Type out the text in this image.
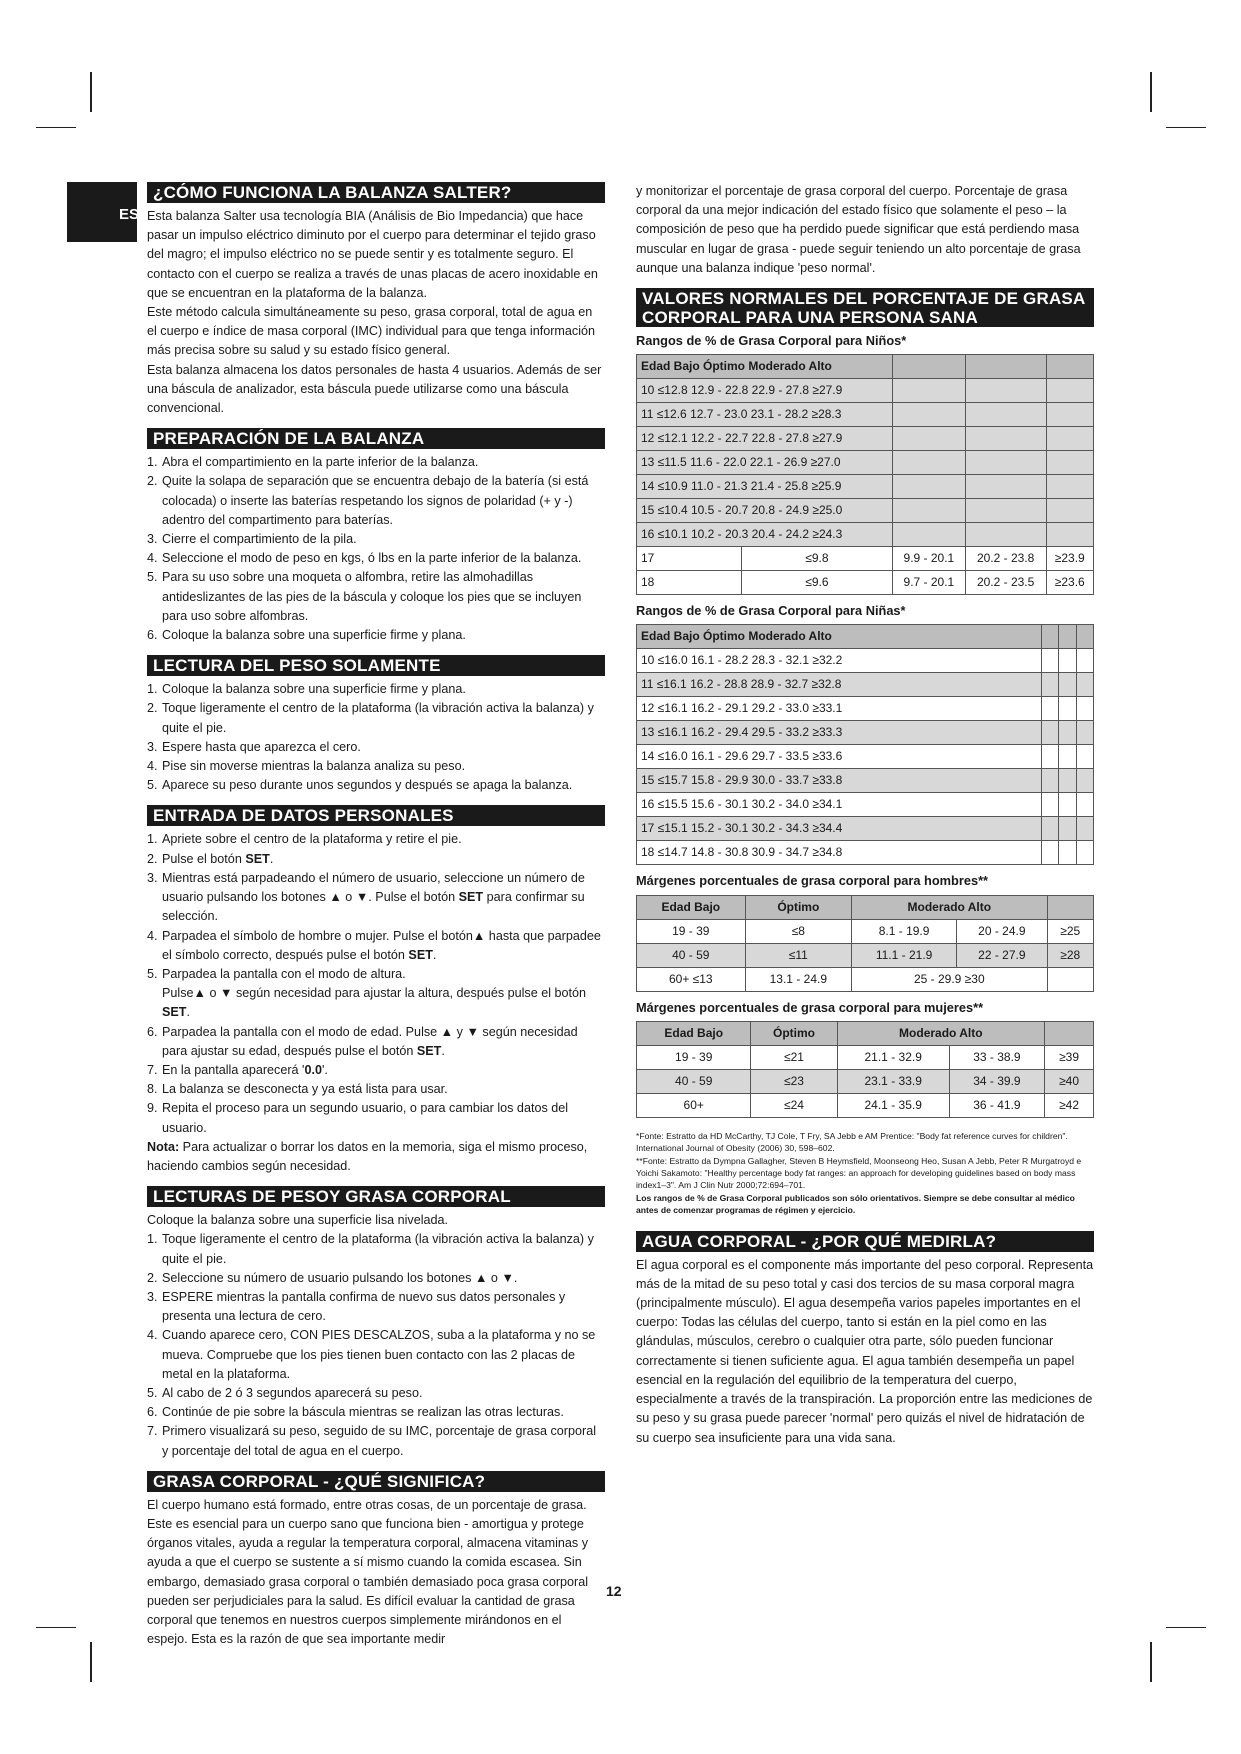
ES
¿CÓMO FUNCIONA LA BALANZA SALTER?

Esta balanza Salter usa tecnología BIA (Análisis de Bio Impedancia) que hace pasar un impulso eléctrico diminuto por el cuerpo para determinar el tejido graso del magro; el impulso eléctrico no se puede sentir y es totalmente seguro. El contacto con el cuerpo se realiza a través de unas placas de acero inoxidable en que se encuentran en la plataforma de la balanza.

Este método calcula simultáneamente su peso, grasa corporal, total de agua en el cuerpo e índice de masa corporal (IMC) individual para que tenga información más precisa sobre su salud y su estado físico general.

Esta balanza almacena los datos personales de hasta 4 usuarios. Además de ser una báscula de analizador, esta báscula puede utilizarse como una báscula convencional.

PREPARACIÓN DE LA BALANZA
1. Abra el compartimiento en la parte inferior de la balanza.
2. Quite la solapa de separación que se encuentra debajo de la batería (si está colocada) o inserte las baterías respetando los signos de polaridad (+ y -) adentro del compartimento para baterías.
3. Cierre el compartimiento de la pila.
4. Seleccione el modo de peso en kgs, ó lbs en la parte inferior de la balanza.
5. Para su uso sobre una moqueta o alfombra, retire las almohadillas antideslizantes de las pies de la báscula y coloque los pies que se incluyen para uso sobre alfombras.
6. Coloque la balanza sobre una superficie firme y plana.
LECTURA DEL PESO SOLAMENTE
1. Coloque la balanza sobre una superficie firme y plana.
2. Toque ligeramente el centro de la plataforma (la vibración activa la balanza) y quite el pie.
3. Espere hasta que aparezca el cero.
4. Pise sin moverse mientras la balanza analiza su peso.
5. Aparece su peso durante unos segundos y después se apaga la balanza.
ENTRADA DE DATOS PERSONALES
1. Apriete sobre el centro de la plataforma y retire el pie.
2. Pulse el botón SET.
3. Mientras está parpadeando el número de usuario, seleccione un número de usuario pulsando los botones ▲ o ▼. Pulse el botón SET para confirmar su selección.
4. Parpadea el símbolo de hombre o mujer. Pulse el botón▲ hasta que parpadee el símbolo correcto, después pulse el botón SET.
5. Parpadea la pantalla con el modo de altura.
Pulse▲ o ▼ según necesidad para ajustar la altura, después pulse el botón SET.
6. Parpadea la pantalla con el modo de edad. Pulse ▲ y ▼ según necesidad para ajustar su edad, después pulse el botón SET.
7. En la pantalla aparecerá '0.0'.
8. La balanza se desconecta y ya está lista para usar.
9. Repita el proceso para un segundo usuario, o para cambiar los datos del usuario.

Nota: Para actualizar o borrar los datos en la memoria, siga el mismo proceso, haciendo cambios según necesidad.

LECTURAS DE PESOY GRASA CORPORAL

Coloque la balanza sobre una superficie lisa nivelada.

1. Toque ligeramente el centro de la plataforma (la vibración activa la balanza) y quite el pie.
2. Seleccione su número de usuario pulsando los botones ▲ o ▼.
3. ESPERE mientras la pantalla confirma de nuevo sus datos personales y presenta una lectura de cero.
4. Cuando aparece cero, CON PIES DESCALZOS, suba a la plataforma y no se mueva. Compruebe que los pies tienen buen contacto con las 2 placas de metal en la plataforma.
5. Al cabo de 2 ó 3 segundos aparecerá su peso.
6. Continúe de pie sobre la báscula mientras se realizan las otras lecturas.
7. Primero visualizará su peso, seguido de su IMC, porcentaje de grasa corporal y porcentaje del total de agua en el cuerpo.
GRASA CORPORAL - ¿QUÉ SIGNIFICA?

El cuerpo humano está formado, entre otras cosas, de un porcentaje de grasa. Este es esencial para un cuerpo sano que funciona bien - amortigua y protege órganos vitales, ayuda a regular la temperatura corporal, almacena vitaminas y ayuda a que el cuerpo se sustente a sí mismo cuando la comida escasea. Sin embargo, demasiado grasa corporal o también demasiado poca grasa corporal pueden ser perjudiciales para la salud. Es difícil evaluar la cantidad de grasa corporal que tenemos en nuestros cuerpos simplemente mirándonos en el espejo. Esta es la razón de que sea importante medir

y monitorizar el porcentaje de grasa corporal del cuerpo. Porcentaje de grasa corporal da una mejor indicación del estado físico que solamente el peso – la composición de peso que ha perdido puede significar que está perdiendo masa muscular en lugar de grasa - puede seguir teniendo un alto porcentaje de grasa aunque una balanza indique 'peso normal'.

VALORES NORMALES DEL PORCENTAJE DE GRASA CORPORAL PARA UNA PERSONA SANA
Rangos de % de Grasa Corporal para Niños*
Edad Bajo Óptimo Moderado Alto				
10 ≤12.8 12.9 - 22.8 22.9 - 27.8 ≥27.9				
11 ≤12.6 12.7 - 23.0 23.1 - 28.2 ≥28.3				
12 ≤12.1 12.2 - 22.7 22.8 - 27.8 ≥27.9				
13 ≤11.5 11.6 - 22.0 22.1 - 26.9 ≥27.0				
14 ≤10.9 11.0 - 21.3 21.4 - 25.8 ≥25.9				
15 ≤10.4 10.5 - 20.7 20.8 - 24.9 ≥25.0				
16 ≤10.1 10.2 - 20.3 20.4 - 24.2 ≥24.3				
17	≤9.8	9.9 - 20.1	20.2 - 23.8	≥23.9
18	≤9.6	9.7 - 20.1	20.2 - 23.5	≥23.6
Rangos de % de Grasa Corporal para Niñas*
Edad Bajo Óptimo Moderado Alto			
10 ≤16.0 16.1 - 28.2 28.3 - 32.1 ≥32.2			
11 ≤16.1 16.2 - 28.8 28.9 - 32.7 ≥32.8			
12 ≤16.1 16.2 - 29.1 29.2 - 33.0 ≥33.1			
13 ≤16.1 16.2 - 29.4 29.5 - 33.2 ≥33.3			
14 ≤16.0 16.1 - 29.6 29.7 - 33.5 ≥33.6			
15 ≤15.7 15.8 - 29.9 30.0 - 33.7 ≥33.8			
16 ≤15.5 15.6 - 30.1 30.2 - 34.0 ≥34.1			
17 ≤15.1 15.2 - 30.1 30.2 - 34.3 ≥34.4			
18 ≤14.7 14.8 - 30.8 30.9 - 34.7 ≥34.8			
Márgenes porcentuales de grasa corporal para hombres**
Edad Bajo	Óptimo	Moderado Alto		
19 - 39	≤8	8.1 - 19.9	20 - 24.9	≥25
40 - 59	≤11	11.1 - 21.9	22 - 27.9	≥28
60+ ≤13	13.1 - 24.9	25 - 29.9 ≥30		
Márgenes porcentuales de grasa corporal para mujeres**
Edad Bajo	Óptimo	Moderado Alto		
19 - 39	≤21	21.1 - 32.9	33 - 38.9	≥39
40 - 59	≤23	23.1 - 33.9	34 - 39.9	≥40
60+	≤24	24.1 - 35.9	36 - 41.9	≥42

*Fonte: Estratto da HD McCarthy, TJ Cole, T Fry, SA Jebb e AM Prentice: "Body fat reference curves for children". International Journal of Obesity (2006) 30, 598–602.

**Fonte: Estratto da Dympna Gallagher, Steven B Heymsfield, Moonseong Heo, Susan A Jebb, Peter R Murgatroyd e Yoichi Sakamoto: "Healthy percentage body fat ranges: an approach for developing guidelines based on body mass index1–3". Am J Clin Nutr 2000;72:694–701.

Los rangos de % de Grasa Corporal publicados son sólo orientativos. Siempre se debe consultar al médico antes de comenzar programas de régimen y ejercicio.

AGUA CORPORAL - ¿POR QUÉ MEDIRLA?

El agua corporal es el componente más importante del peso corporal. Representa más de la mitad de su peso total y casi dos tercios de su masa corporal magra (principalmente músculo). El agua desempeña varios papeles importantes en el cuerpo: Todas las células del cuerpo, tanto si están en la piel como en las glándulas, músculos, cerebro o cualquier otra parte, sólo pueden funcionar correctamente si tienen suficiente agua. El agua también desempeña un papel esencial en la regulación del equilibrio de la temperatura del cuerpo, especialmente a través de la transpiración. La proporción entre las mediciones de su peso y su grasa puede parecer 'normal' pero quizás el nivel de hidratación de su cuerpo sea insuficiente para una vida sana.

12
